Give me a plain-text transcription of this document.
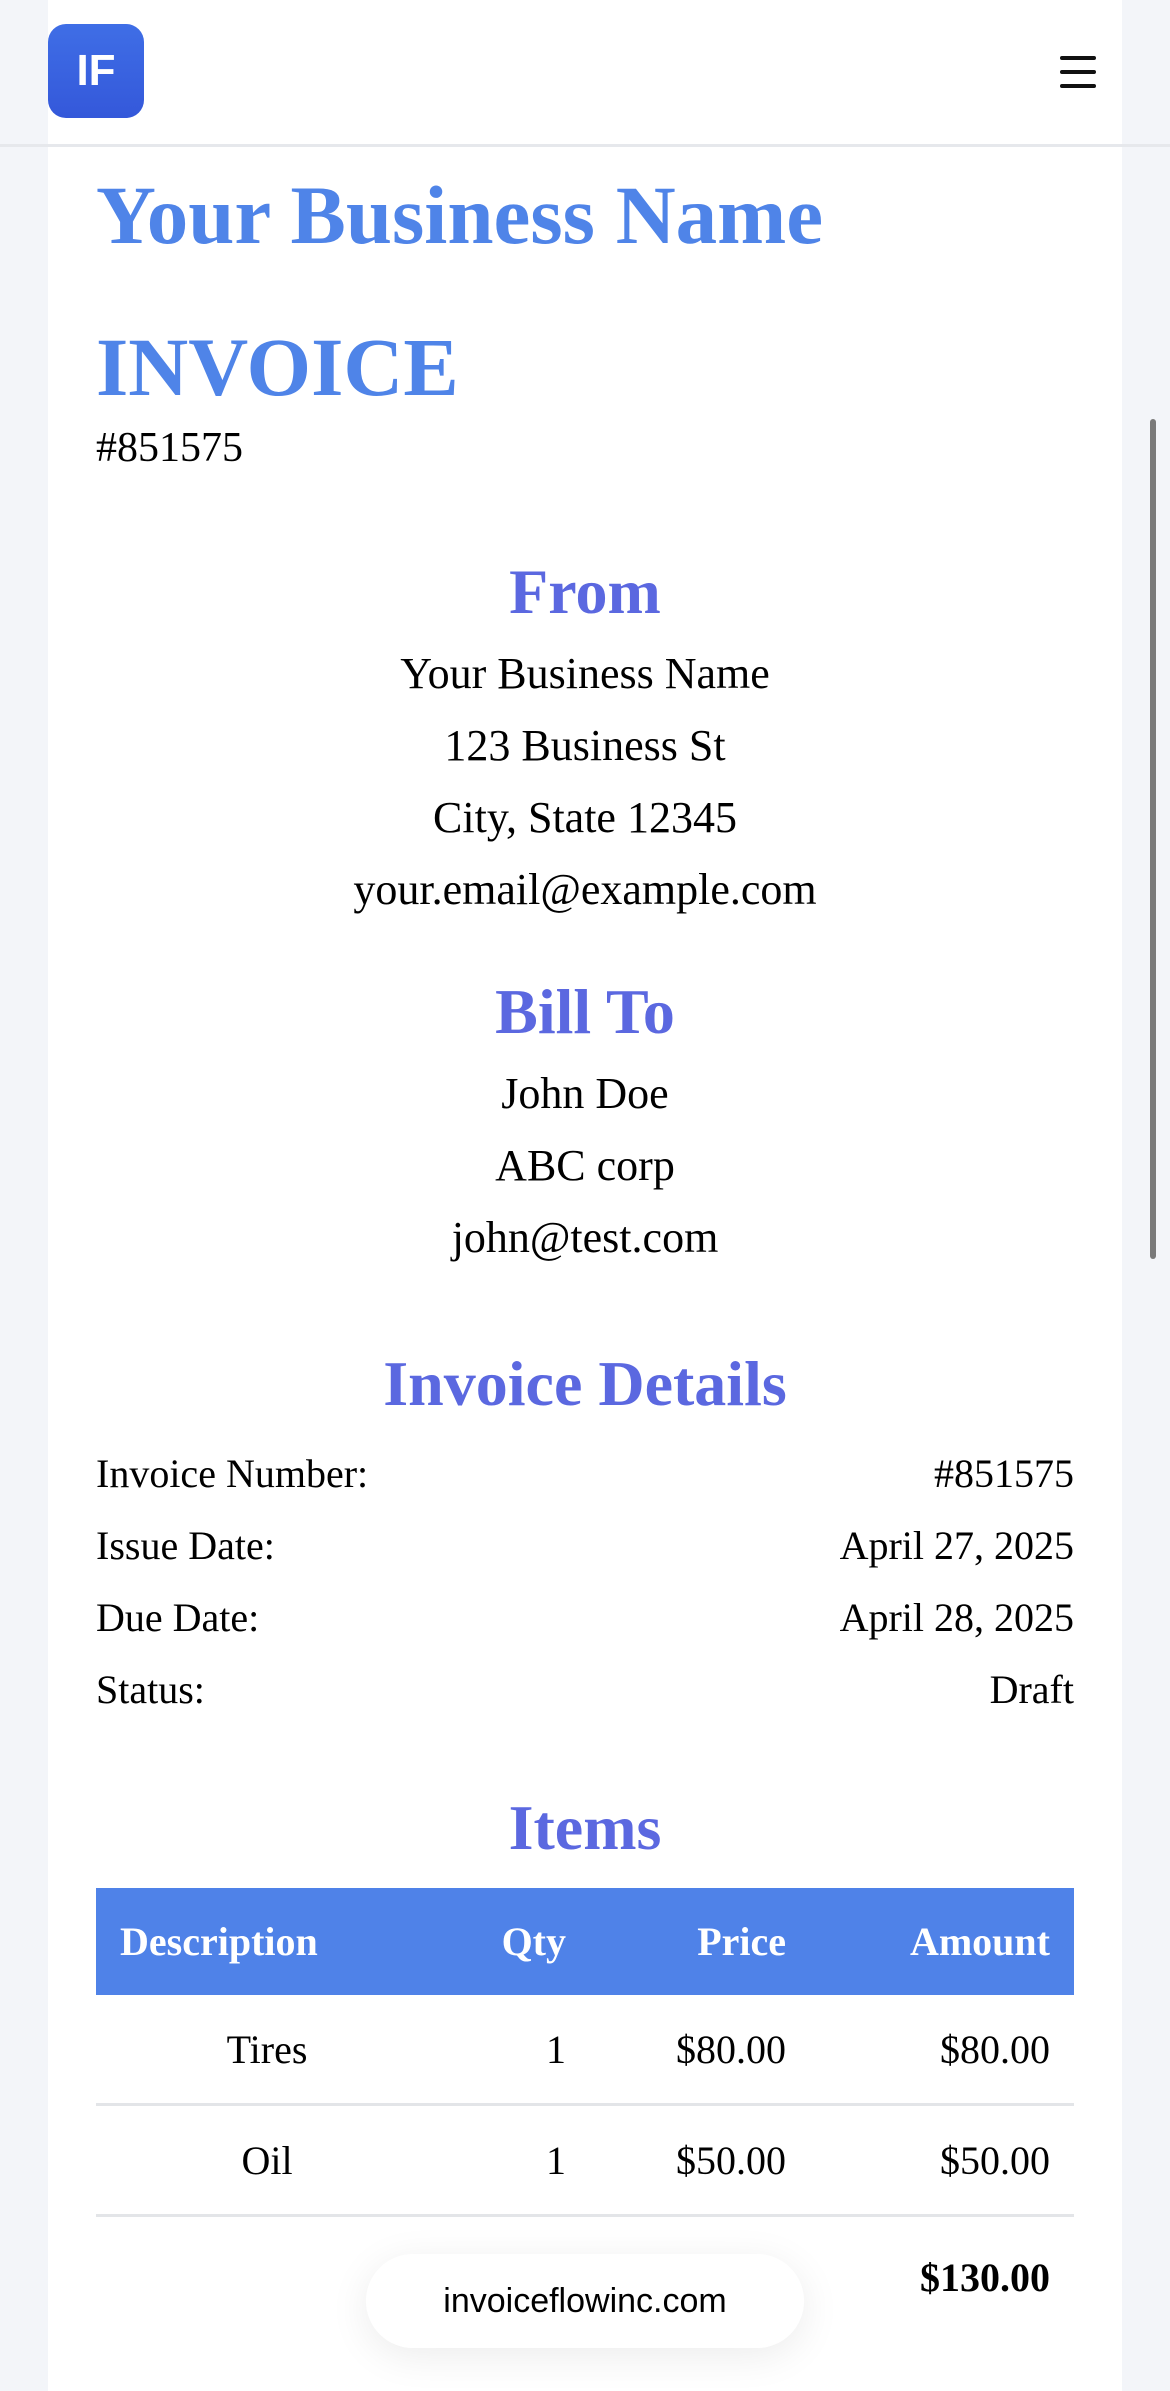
IF
Your Business Name
INVOICE
#851575
From
Your Business Name
123 Business St
City, State 12345
your.email@example.com
Bill To
John Doe
ABC corp
john@test.com
Invoice Details
Invoice Number:	#851575
Issue Date:	April 27, 2025
Due Date:	April 28, 2025
Status:	Draft
Items
Description	Qty	Price	Amount
Tires	1	$80.00	$80.00
Oil	1	$50.00	$50.00
			$130.00
invoiceflowinc.com
